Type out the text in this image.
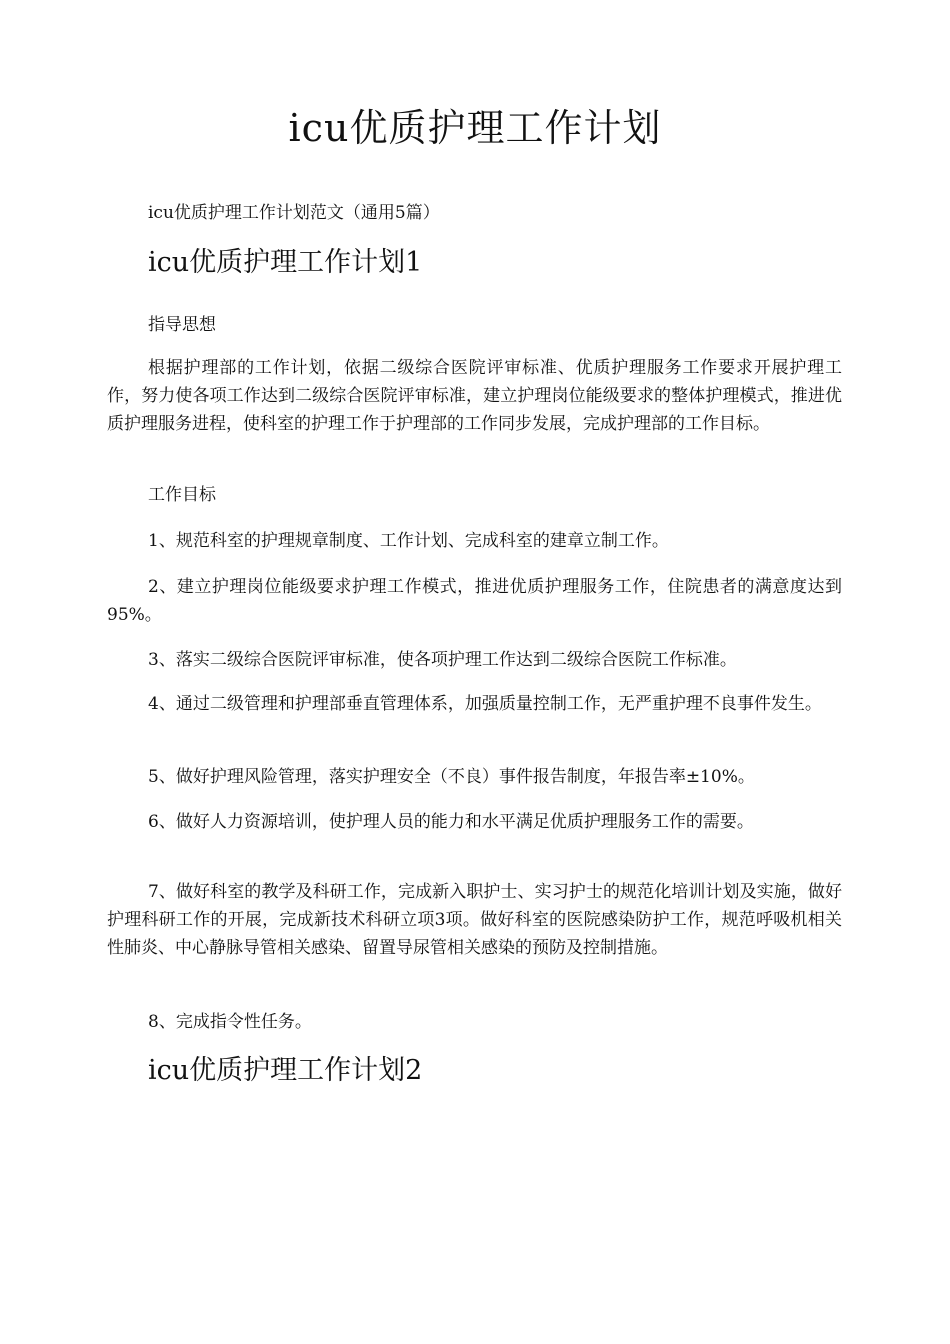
icu优质护理工作计划

icu优质护理工作计划范文（通用5篇）

icu优质护理工作计划1

指导思想

根据护理部的工作计划，依据二级综合医院评审标准、优质护理服务工作要求开展护理工作，努力使各项工作达到二级综合医院评审标准，建立护理岗位能级要求的整体护理模式，推进优质护理服务进程，使科室的护理工作于护理部的工作同步发展，完成护理部的工作目标。

工作目标

1、规范科室的护理规章制度、工作计划、完成科室的建章立制工作。

2、建立护理岗位能级要求护理工作模式，推进优质护理服务工作，住院患者的满意度达到95%。

3、落实二级综合医院评审标准，使各项护理工作达到二级综合医院工作标准。

4、通过二级管理和护理部垂直管理体系，加强质量控制工作，无严重护理不良事件发生。

5、做好护理风险管理，落实护理安全（不良）事件报告制度，年报告率±10%。

6、做好人力资源培训，使护理人员的能力和水平满足优质护理服务工作的需要。

7、做好科室的教学及科研工作，完成新入职护士、实习护士的规范化培训计划及实施，做好护理科研工作的开展，完成新技术科研立项3项。做好科室的医院感染防护工作，规范呼吸机相关性肺炎、中心静脉导管相关感染、留置导尿管相关感染的预防及控制措施。

8、完成指令性任务。

icu优质护理工作计划2
